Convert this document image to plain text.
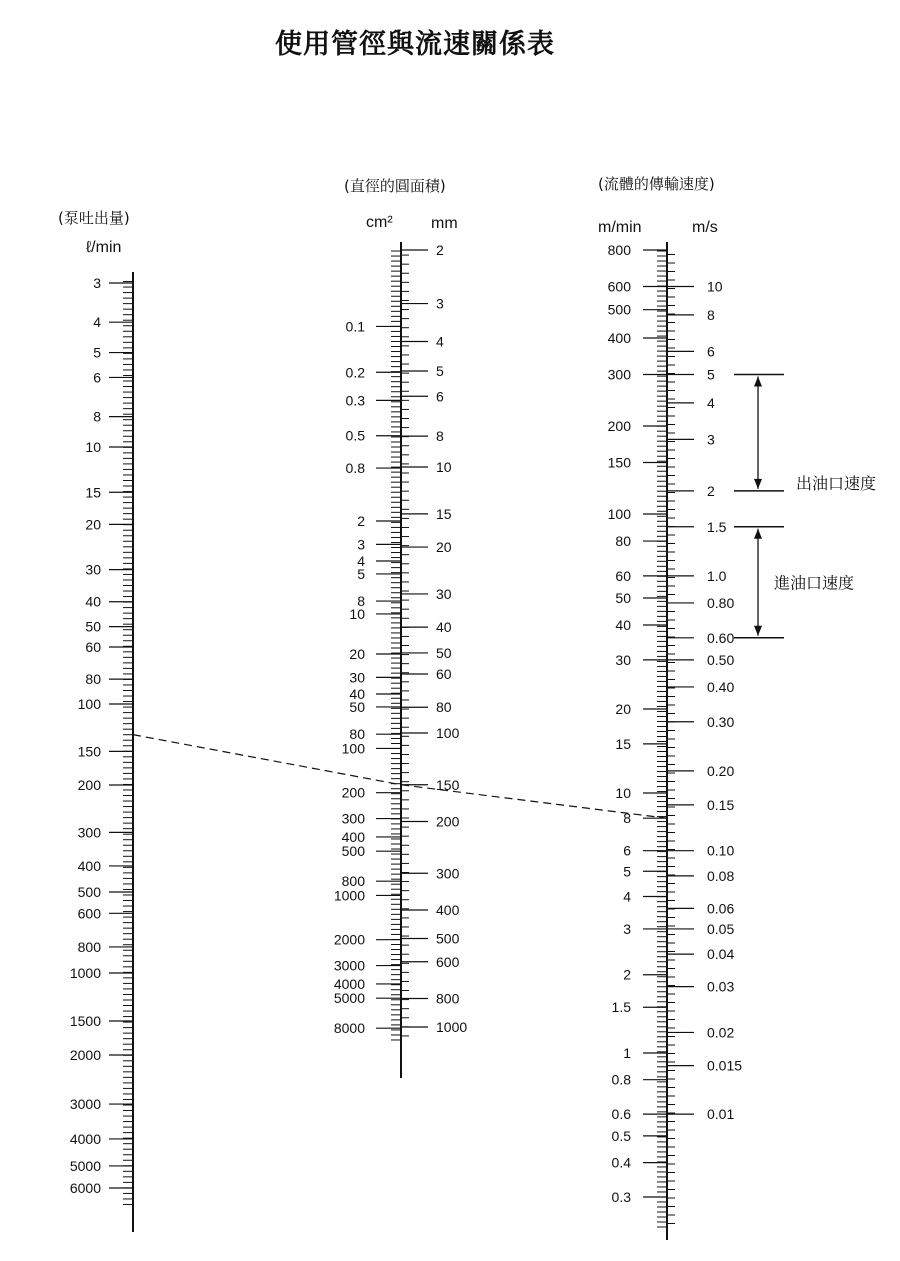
使用管徑與流速關係表
(泵吐出量)
ℓ/min
(直徑的圓面積)
cm² mm
(流體的傳輸速度)
m/min	m/s
3
4
5
6
8
10
15
20
30
40
50
60
80
100
150
200
300
400
500
600
800
1000
1500
2000
3000
4000
5000
6000
2
3
4
5
6
8
10
15
20
30
40
50
60
80
100
150
200
300
400
500
600
800
1000
0.1
0.2
0.3
0.5
0.8
2
3
4
5
8
10
20
30
40
50
80
100
200
300
400
500
800
1000
2000
3000
4000
5000
8000
800
600
500
400
300
200
150
100
80
60
50
40
30
20
15
10
8
6
5
4
3
2
1.5
1
0.8
0.6
0.5
0.4
0.3
10
8
6
5
4
3
2
1.5
1.0
0.80
0.60
0.50
0.40
0.30
0.20
0.15
0.10
0.08
0.06
0.05
0.04
0.03
0.02
0.015
0.01
出油口速度
進油口速度
